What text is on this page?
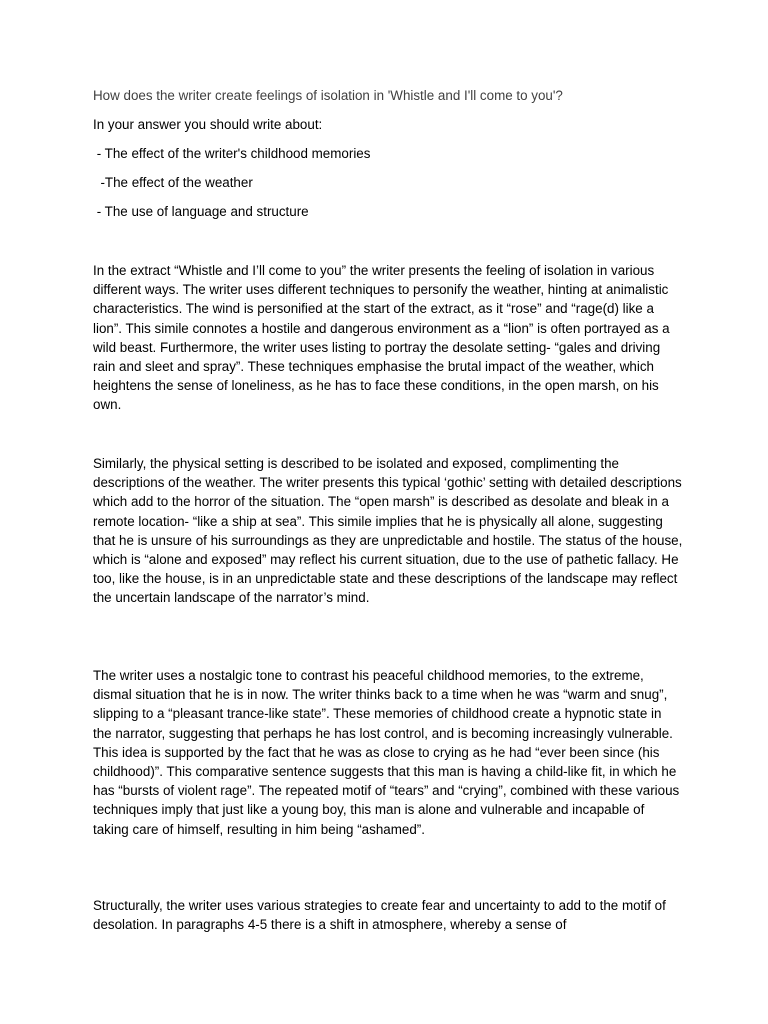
How does the writer create feelings of isolation in 'Whistle and I'll come to you'?
In your answer you should write about:
- The effect of the writer's childhood memories
-The effect of the weather
- The use of language and structure

In the extract “Whistle and I’ll come to you” the writer presents the feeling of isolation in various different ways. The writer uses different techniques to personify the weather, hinting at animalistic characteristics. The wind is personified at the start of the extract, as it “rose” and “rage(d) like a lion”. This simile connotes a hostile and dangerous environment as a “lion” is often portrayed as a wild beast. Furthermore, the writer uses listing to portray the desolate setting- “gales and driving rain and sleet and spray”. These techniques emphasise the brutal impact of the weather, which heightens the sense of loneliness, as he has to face these conditions, in the open marsh, on his own.

Similarly, the physical setting is described to be isolated and exposed, complimenting the descriptions of the weather. The writer presents this typical ‘gothic’ setting with detailed descriptions which add to the horror of the situation. The “open marsh” is described as desolate and bleak in a remote location- “like a ship at sea”. This simile implies that he is physically all alone, suggesting that he is unsure of his surroundings as they are unpredictable and hostile. The status of the house, which is “alone and exposed” may reflect his current situation, due to the use of pathetic fallacy. He too, like the house, is in an unpredictable state and these descriptions of the landscape may reflect the uncertain landscape of the narrator’s mind.

The writer uses a nostalgic tone to contrast his peaceful childhood memories, to the extreme, dismal situation that he is in now. The writer thinks back to a time when he was “warm and snug”, slipping to a “pleasant trance-like state”. These memories of childhood create a hypnotic state in the narrator, suggesting that perhaps he has lost control, and is becoming increasingly vulnerable. This idea is supported by the fact that he was as close to crying as he had “ever been since (his childhood)”. This comparative sentence suggests that this man is having a child-like fit, in which he has “bursts of violent rage”. The repeated motif of “tears” and “crying”, combined with these various techniques imply that just like a young boy, this man is alone and vulnerable and incapable of taking care of himself, resulting in him being “ashamed”.

Structurally, the writer uses various strategies to create fear and uncertainty to add to the motif of desolation. In paragraphs 4-5 there is a shift in atmosphere, whereby a sense of
